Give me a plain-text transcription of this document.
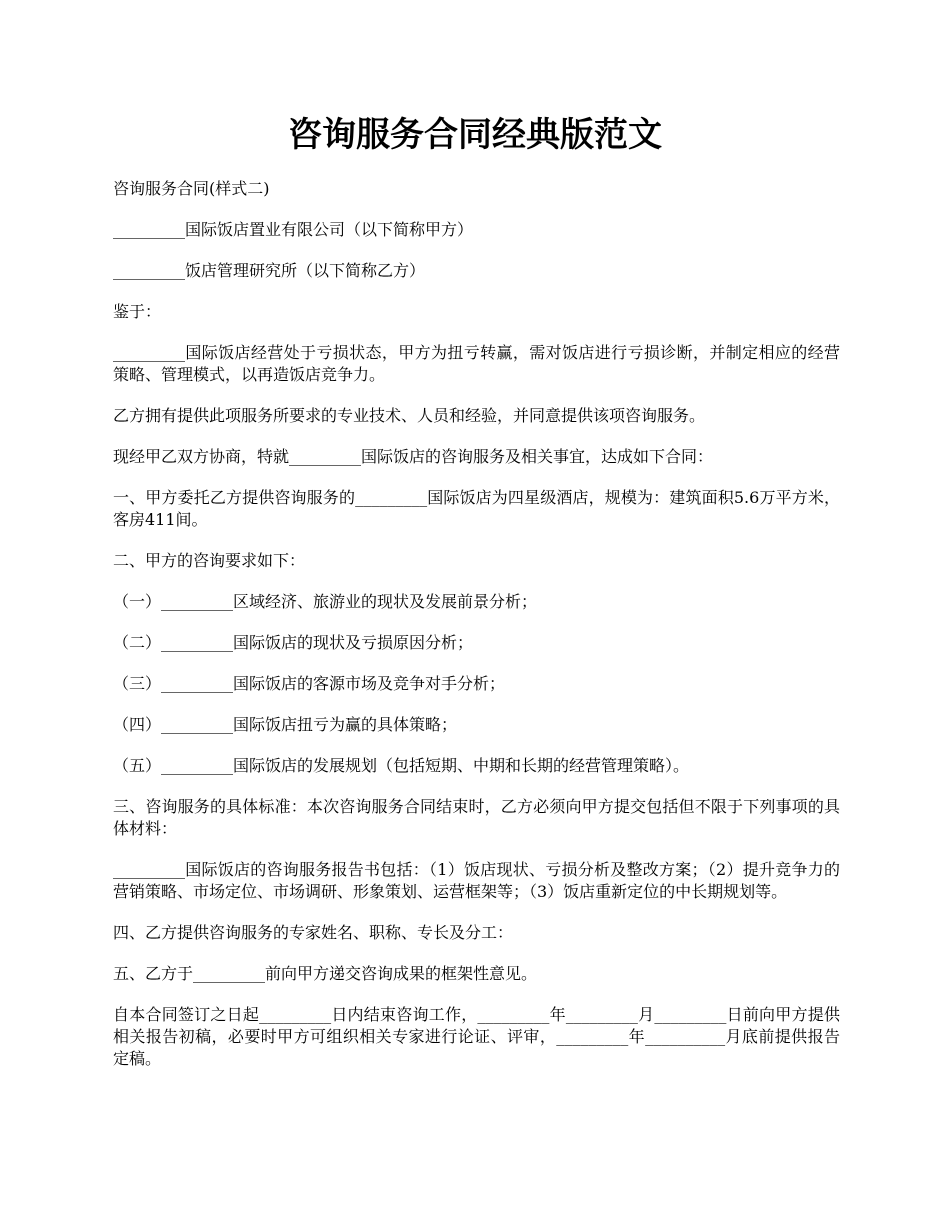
咨询服务合同经典版范文

咨询服务合同(样式二)

_________国际饭店置业有限公司（以下简称甲方）

_________饭店管理研究所（以下简称乙方）

鉴于：

_________国际饭店经营处于亏损状态，甲方为扭亏转赢，需对饭店进行亏损诊断，并制定相应的经营策略、管理模式，以再造饭店竞争力。

乙方拥有提供此项服务所要求的专业技术、人员和经验，并同意提供该项咨询服务。

现经甲乙双方协商，特就_________国际饭店的咨询服务及相关事宜，达成如下合同：

一、甲方委托乙方提供咨询服务的_________国际饭店为四星级酒店，规模为：建筑面积5.6万平方米，客房411间。

二、甲方的咨询要求如下：

（一）_________区域经济、旅游业的现状及发展前景分析；

（二）_________国际饭店的现状及亏损原因分析；

（三）_________国际饭店的客源市场及竞争对手分析；

（四）_________国际饭店扭亏为赢的具体策略；

（五）_________国际饭店的发展规划（包括短期、中期和长期的经营管理策略）。

三、咨询服务的具体标准：本次咨询服务合同结束时，乙方必须向甲方提交包括但不限于下列事项的具体材料：

_________国际饭店的咨询服务报告书包括：（1）饭店现状、亏损分析及整改方案；（2）提升竞争力的营销策略、市场定位、市场调研、形象策划、运营框架等；（3）饭店重新定位的中长期规划等。

四、乙方提供咨询服务的专家姓名、职称、专长及分工：

五、乙方于_________前向甲方递交咨询成果的框架性意见。

自本合同签订之日起_________日内结束咨询工作，_________年_________月_________日前向甲方提供相关报告初稿，必要时甲方可组织相关专家进行论证、评审，_________年__________月底前提供报告定稿。
